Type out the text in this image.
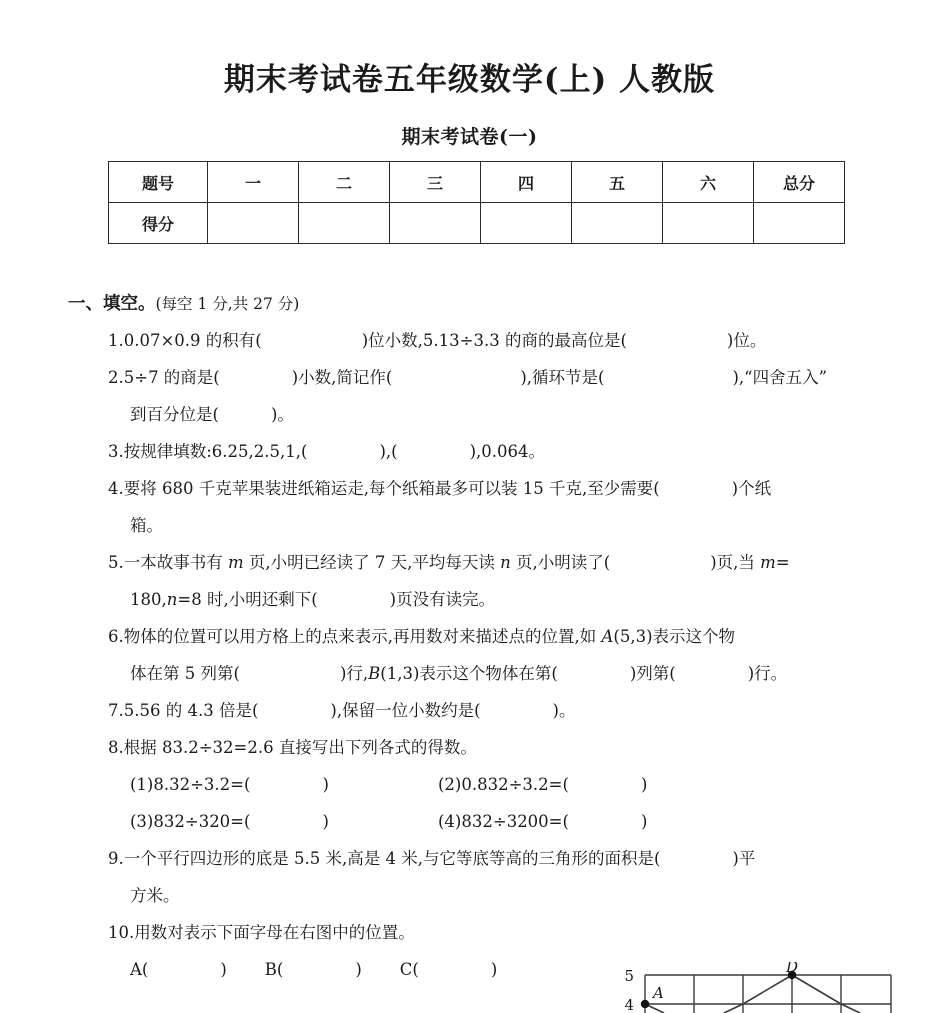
期末考试卷五年级数学(上) 人教版
期末考试卷(一)
题号	一	二	三	四	五	六	总分
得分							
一、填空。(每空 1 分,共 27 分)
1.0.07×0.9 的积有(	)位小数,5.13÷3.3 的商的最高位是(	)位。
2.5÷7 的商是(	)小数,简记作(	),循环节是(	),“四舍五入”
到百分位是(	)。
3.按规律填数:6.25,2.5,1,(	),(	),0.064。
4.要将 680 千克苹果装进纸箱运走,每个纸箱最多可以装 15 千克,至少需要(	)个纸
箱。
5.一本故事书有 m 页,小明已经读了 7 天,平均每天读 n 页,小明读了(	)页,当 m=
180,n=8 时,小明还剩下(	)页没有读完。
6.物体的位置可以用方格上的点来表示,再用数对来描述点的位置,如 A(5,3)表示这个物
体在第 5 列第(	)行,B(1,3)表示这个物体在第(	)列第(	)行。
7.5.56 的 4.3 倍是(	),保留一位小数约是(	)。
8.根据 83.2÷32=2.6 直接写出下列各式的得数。
(1)8.32÷3.2=(	)	(2)0.832÷3.2=(	)
(3)832÷320=(	)	(4)832÷3200=(	)
9.一个平行四边形的底是 5.5 米,高是 4 米,与它等底等高的三角形的面积是(	)平
方米。
10.用数对表示下面字母在右图中的位置。
A(	)	B(	)	C(	)	5
4
D
A
